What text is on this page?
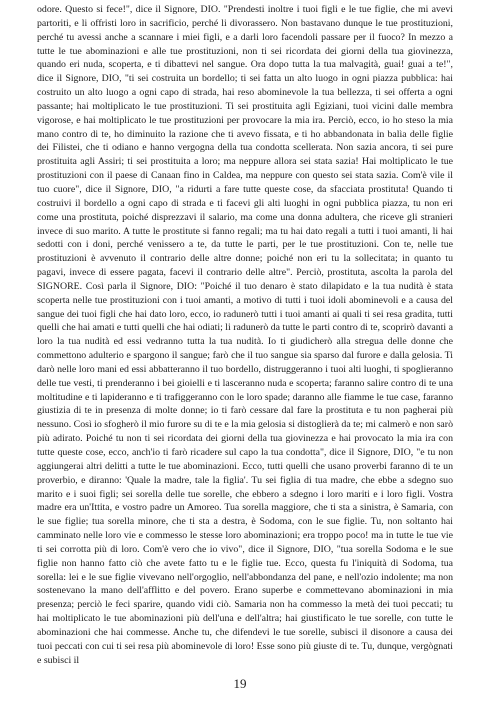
odore. Questo si fece!", dice il Signore, DIO. "Prendesti inoltre i tuoi figli e le tue figlie, che mi avevi partoriti, e li offristi loro in sacrificio, perché li divorassero. Non bastavano dunque le tue prostituzioni, perché tu avessi anche a scannare i miei figli, e a darli loro facendoli passare per il fuoco? In mezzo a tutte le tue abominazioni e alle tue prostituzioni, non ti sei ricordata dei giorni della tua giovinezza, quando eri nuda, scoperta, e ti dibattevi nel sangue. Ora dopo tutta la tua malvagità, guai! guai a te!", dice il Signore, DIO, "ti sei costruita un bordello; ti sei fatta un alto luogo in ogni piazza pubblica: hai costruito un alto luogo a ogni capo di strada, hai reso abominevole la tua bellezza, ti sei offerta a ogni passante; hai moltiplicato le tue prostituzioni. Ti sei prostituita agli Egiziani, tuoi vicini dalle membra vigorose, e hai moltiplicato le tue prostituzioni per provocare la mia ira. Perciò, ecco, io ho steso la mia mano contro di te, ho diminuito la razione che ti avevo fissata, e ti ho abbandonata in balìa delle figlie dei Filistei, che ti odiano e hanno vergogna della tua condotta scellerata. Non sazia ancora, ti sei pure prostituita agli Assiri; ti sei prostituita a loro; ma neppure allora sei stata sazia! Hai moltiplicato le tue prostituzioni con il paese di Canaan fino in Caldea, ma neppure con questo sei stata sazia. Com'è vile il tuo cuore", dice il Signore, DIO, "a ridurti a fare tutte queste cose, da sfacciata prostituta! Quando ti costruivi il bordello a ogni capo di strada e ti facevi gli alti luoghi in ogni pubblica piazza, tu non eri come una prostituta, poiché disprezzavi il salario, ma come una donna adultera, che riceve gli stranieri invece di suo marito. A tutte le prostitute si fanno regali; ma tu hai dato regali a tutti i tuoi amanti, li hai sedotti con i doni, perché venissero a te, da tutte le parti, per le tue prostituzioni. Con te, nelle tue prostituzioni è avvenuto il contrario delle altre donne; poiché non eri tu la sollecitata; in quanto tu pagavi, invece di essere pagata, facevi il contrario delle altre". Perciò, prostituta, ascolta la parola del SIGNORE. Così parla il Signore, DIO: "Poiché il tuo denaro è stato dilapidato e la tua nudità è stata scoperta nelle tue prostituzioni con i tuoi amanti, a motivo di tutti i tuoi idoli abominevoli e a causa del sangue dei tuoi figli che hai dato loro, ecco, io radunerò tutti i tuoi amanti ai quali ti sei resa gradita, tutti quelli che hai amati e tutti quelli che hai odiati; li radunerò da tutte le parti contro di te, scoprirò davanti a loro la tua nudità ed essi vedranno tutta la tua nudità. Io ti giudicherò alla stregua delle donne che commettono adulterio e spargono il sangue; farò che il tuo sangue sia sparso dal furore e dalla gelosia. Ti darò nelle loro mani ed essi abbatteranno il tuo bordello, distruggeranno i tuoi alti luoghi, ti spoglieranno delle tue vesti, ti prenderanno i bei gioielli e ti lasceranno nuda e scoperta; faranno salire contro di te una moltitudine e ti lapideranno e ti trafiggeranno con le loro spade; daranno alle fiamme le tue case, faranno giustizia di te in presenza di molte donne; io ti farò cessare dal fare la prostituta e tu non pagherai più nessuno. Così io sfogherò il mio furore su di te e la mia gelosia si distoglierà da te; mi calmerò e non sarò più adirato. Poiché tu non ti sei ricordata dei giorni della tua giovinezza e hai provocato la mia ira con tutte queste cose, ecco, anch'io ti farò ricadere sul capo la tua condotta", dice il Signore, DIO, "e tu non aggiungerai altri delitti a tutte le tue abominazioni. Ecco, tutti quelli che usano proverbi faranno di te un proverbio, e diranno: 'Quale la madre, tale la figlia'. Tu sei figlia di tua madre, che ebbe a sdegno suo marito e i suoi figli; sei sorella delle tue sorelle, che ebbero a sdegno i loro mariti e i loro figli. Vostra madre era un'Ittita, e vostro padre un Amoreo. Tua sorella maggiore, che ti sta a sinistra, è Samaria, con le sue figlie; tua sorella minore, che ti sta a destra, è Sodoma, con le sue figlie. Tu, non soltanto hai camminato nelle loro vie e commesso le stesse loro abominazioni; era troppo poco! ma in tutte le tue vie ti sei corrotta più di loro. Com'è vero che io vivo", dice il Signore, DIO, "tua sorella Sodoma e le sue figlie non hanno fatto ciò che avete fatto tu e le figlie tue. Ecco, questa fu l'iniquità di Sodoma, tua sorella: lei e le sue figlie vivevano nell'orgoglio, nell'abbondanza del pane, e nell'ozio indolente; ma non sostenevano la mano dell'afflitto e del povero. Erano superbe e commettevano abominazioni in mia presenza; perciò le feci sparire, quando vidi ciò. Samaria non ha commesso la metà dei tuoi peccati; tu hai moltiplicato le tue abominazioni più dell'una e dell'altra; hai giustificato le tue sorelle, con tutte le abominazioni che hai commesse. Anche tu, che difendevi le tue sorelle, subisci il disonore a causa dei tuoi peccati con cui ti sei resa più abominevole di loro! Esse sono più giuste di te. Tu, dunque, vergògnati e subisci il

19
